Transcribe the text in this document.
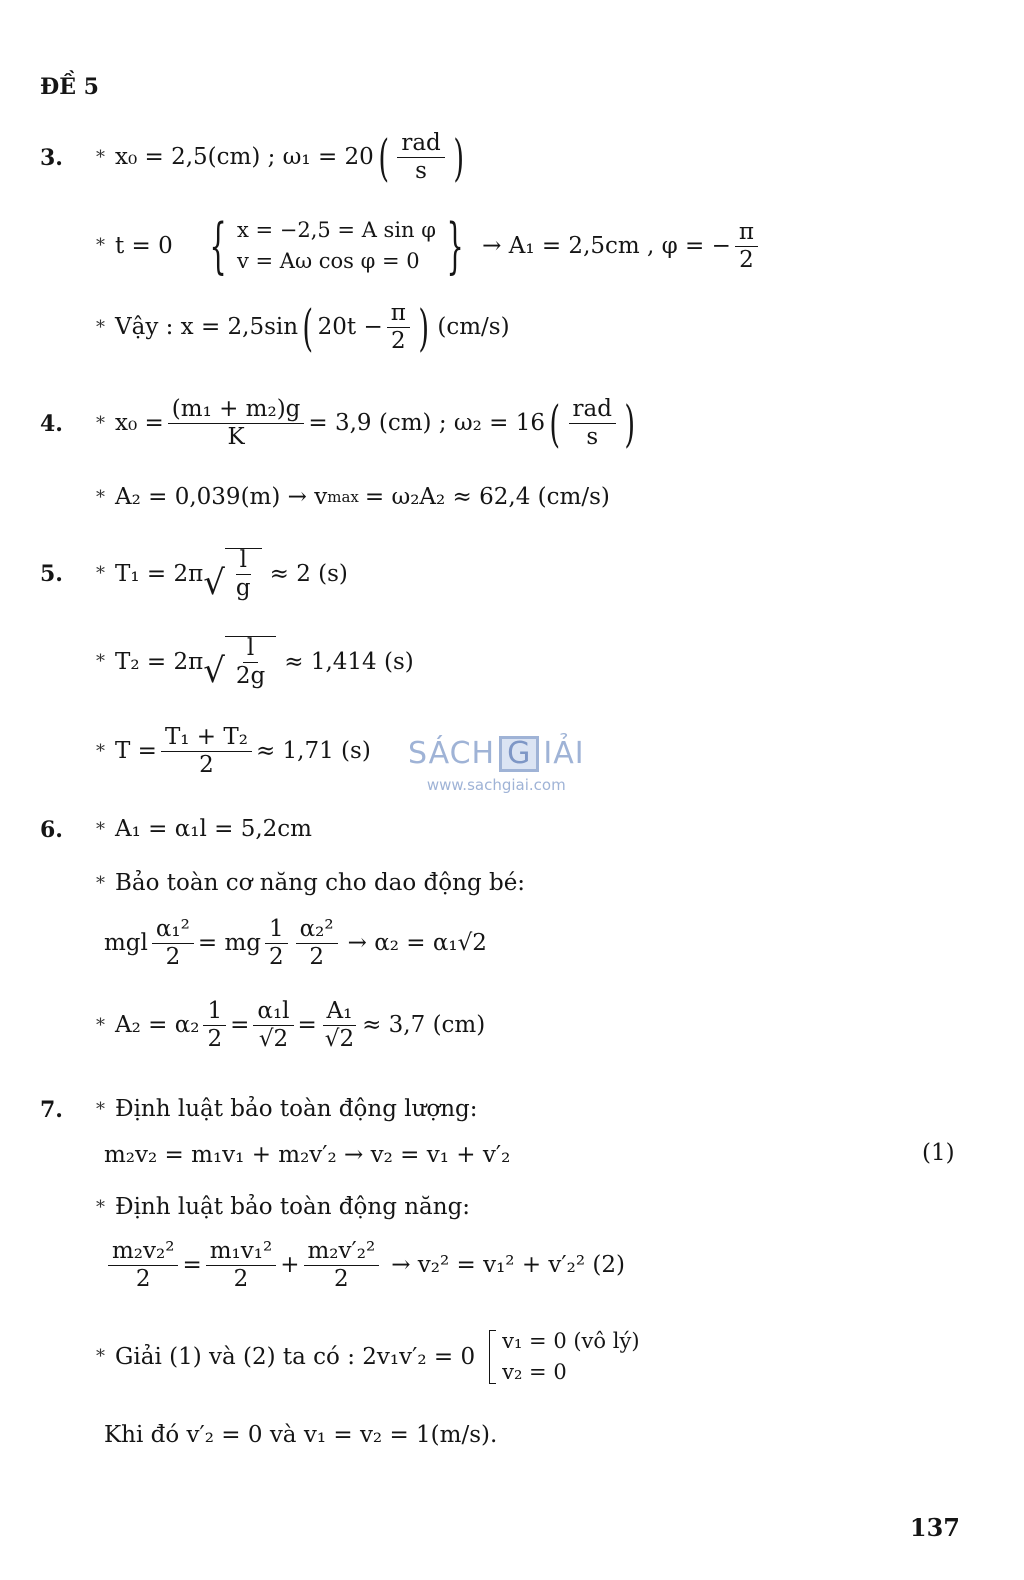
ĐỀ 5
SÁCH G IẢI
www.sachgiai.com
3.	* x₀ = 2,5(cm) ; ω₁ = 20 ( $\frac{\text{rad}}{s}$ )
* t = 0 { x = −2,5 = A sin φ
v = Aω cos φ = 0 } → A₁ = 2,5cm , φ = − $\frac{\pi}{2}$
* Vậy : x = 2,5sin ( $20t - \frac{\pi}{2}$ ) (cm/s)
4.	* $x_0 = \frac{\text{(m₁ + m₂)g}}{K} = 3,9$ (cm) ; ω₂ = 16 ( $\frac{\text{rad}}{s}$ )
* A₂ = 0,039(m) → v max = ω₂A₂ ≈ 62,4 (cm/s)
5.	* T₁ = 2π √ $\frac{l}{g} \approx 2$ (s)
* T₂ = 2π √ $\frac{l}{2g} \approx 1,414$ (s)
* $T = \frac{\text{T₁ + T₂}}{2} \approx 1,71$ (s)
6.	* A₁ = α₁l = 5,2cm
* Bảo toàn cơ năng cho dao động bé:
mgl $\frac{\text{α₁²}}{2}$ = mg $\frac{1}{2} \frac{\text{α₂²}}{2} \to \alpha_2 = \alpha_1√2$
* $A_2 = \alpha_2 \frac{1}{2} = \frac{\text{α₁l}}{√2} = \frac{\text{A₁}}{√2} \approx 3,7$ (cm)
7.	* Định luật bảo toàn động lượng:
m₂v₂ = m₁v₁ + m₂v′₂ → v₂ = v₁ + v′₂	(1)
* Định luật bảo toàn động năng:
$\frac{\text{m₂v₂²}}{2} = \frac{\text{m₁v₁²}}{2} + \frac{\text{m₂v′₂²}}{2} \to v_2^2 = v_1^2 + v'_2^2$ (2)
* Giải (1) và (2) ta có : 2v₁v′₂ = 0
v₁ = 0 (vô lý)
v₂ = 0
Khi đó v′₂ = 0 và v₁ = v₂ = 1(m/s).
137
